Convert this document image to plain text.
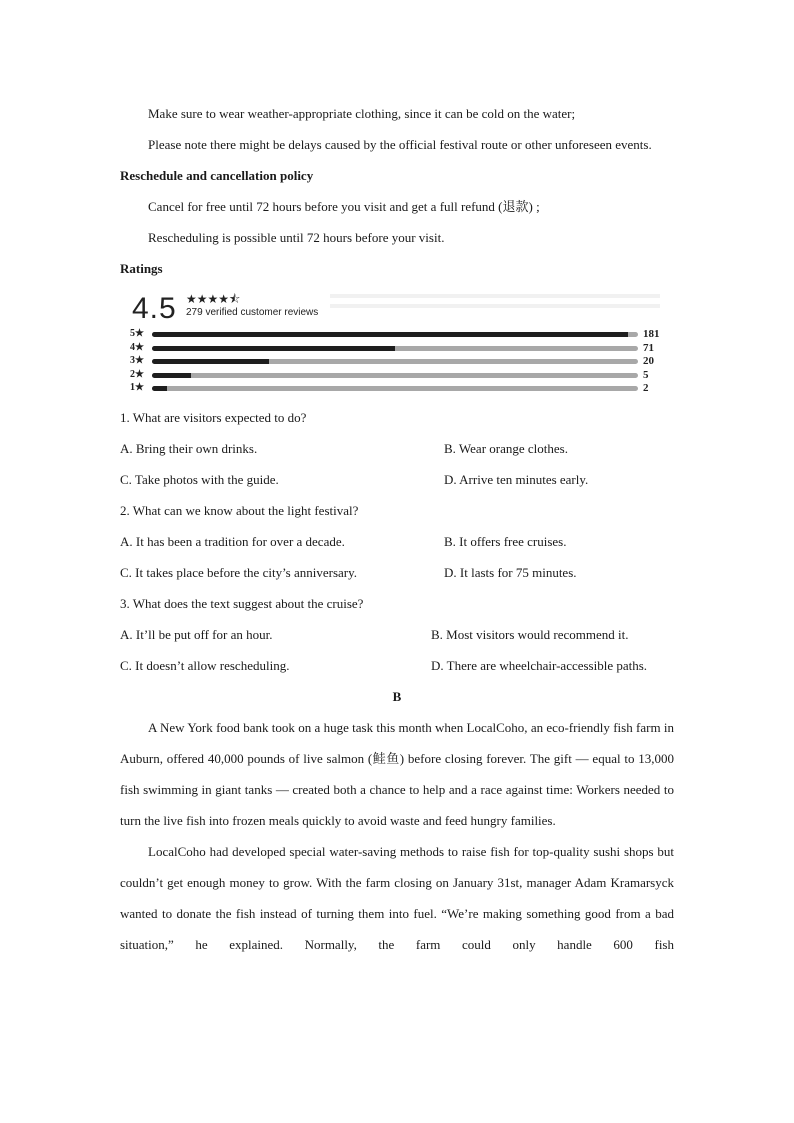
Make sure to wear weather-appropriate clothing, since it can be cold on the water;

Please note there might be delays caused by the official festival route or other unforeseen events.

Reschedule and cancellation policy

Cancel for free until 72 hours before you visit and get a full refund (退款) ;

Rescheduling is possible until 72 hours before your visit.

Ratings

4.5 ★★★★⯪
279 verified customer reviews
5★	181
4★	71
3★	20
2★	5
1★	2

1. What are visitors expected to do?

A. Bring their own drinks.	B. Wear orange clothes.
C. Take photos with the guide.	D. Arrive ten minutes early.

2. What can we know about the light festival?

A. It has been a tradition for over a decade.	B. It offers free cruises.
C. It takes place before the city’s anniversary.	D. It lasts for 75 minutes.

3. What does the text suggest about the cruise?

A. It’ll be put off for an hour.	B. Most visitors would recommend it.
C. It doesn’t allow rescheduling.	D. There are wheelchair-accessible paths.

B

A New York food bank took on a huge task this month when LocalCoho, an eco-friendly fish farm in Auburn, offered 40,000 pounds of live salmon (鲑鱼) before closing forever. The gift — equal to 13,000 fish swimming in giant tanks — created both a chance to help and a race against time: Workers needed to turn the live fish into frozen meals quickly to avoid waste and feed hungry families.

LocalCoho had developed special water-saving methods to raise fish for top-quality sushi shops but couldn’t get enough money to grow. With the farm closing on January 31st, manager Adam Kramarsyck wanted to donate the fish instead of turning them into fuel. “We’re making something good from a bad situation,” he explained. Normally, the farm could only handle 600 fish
